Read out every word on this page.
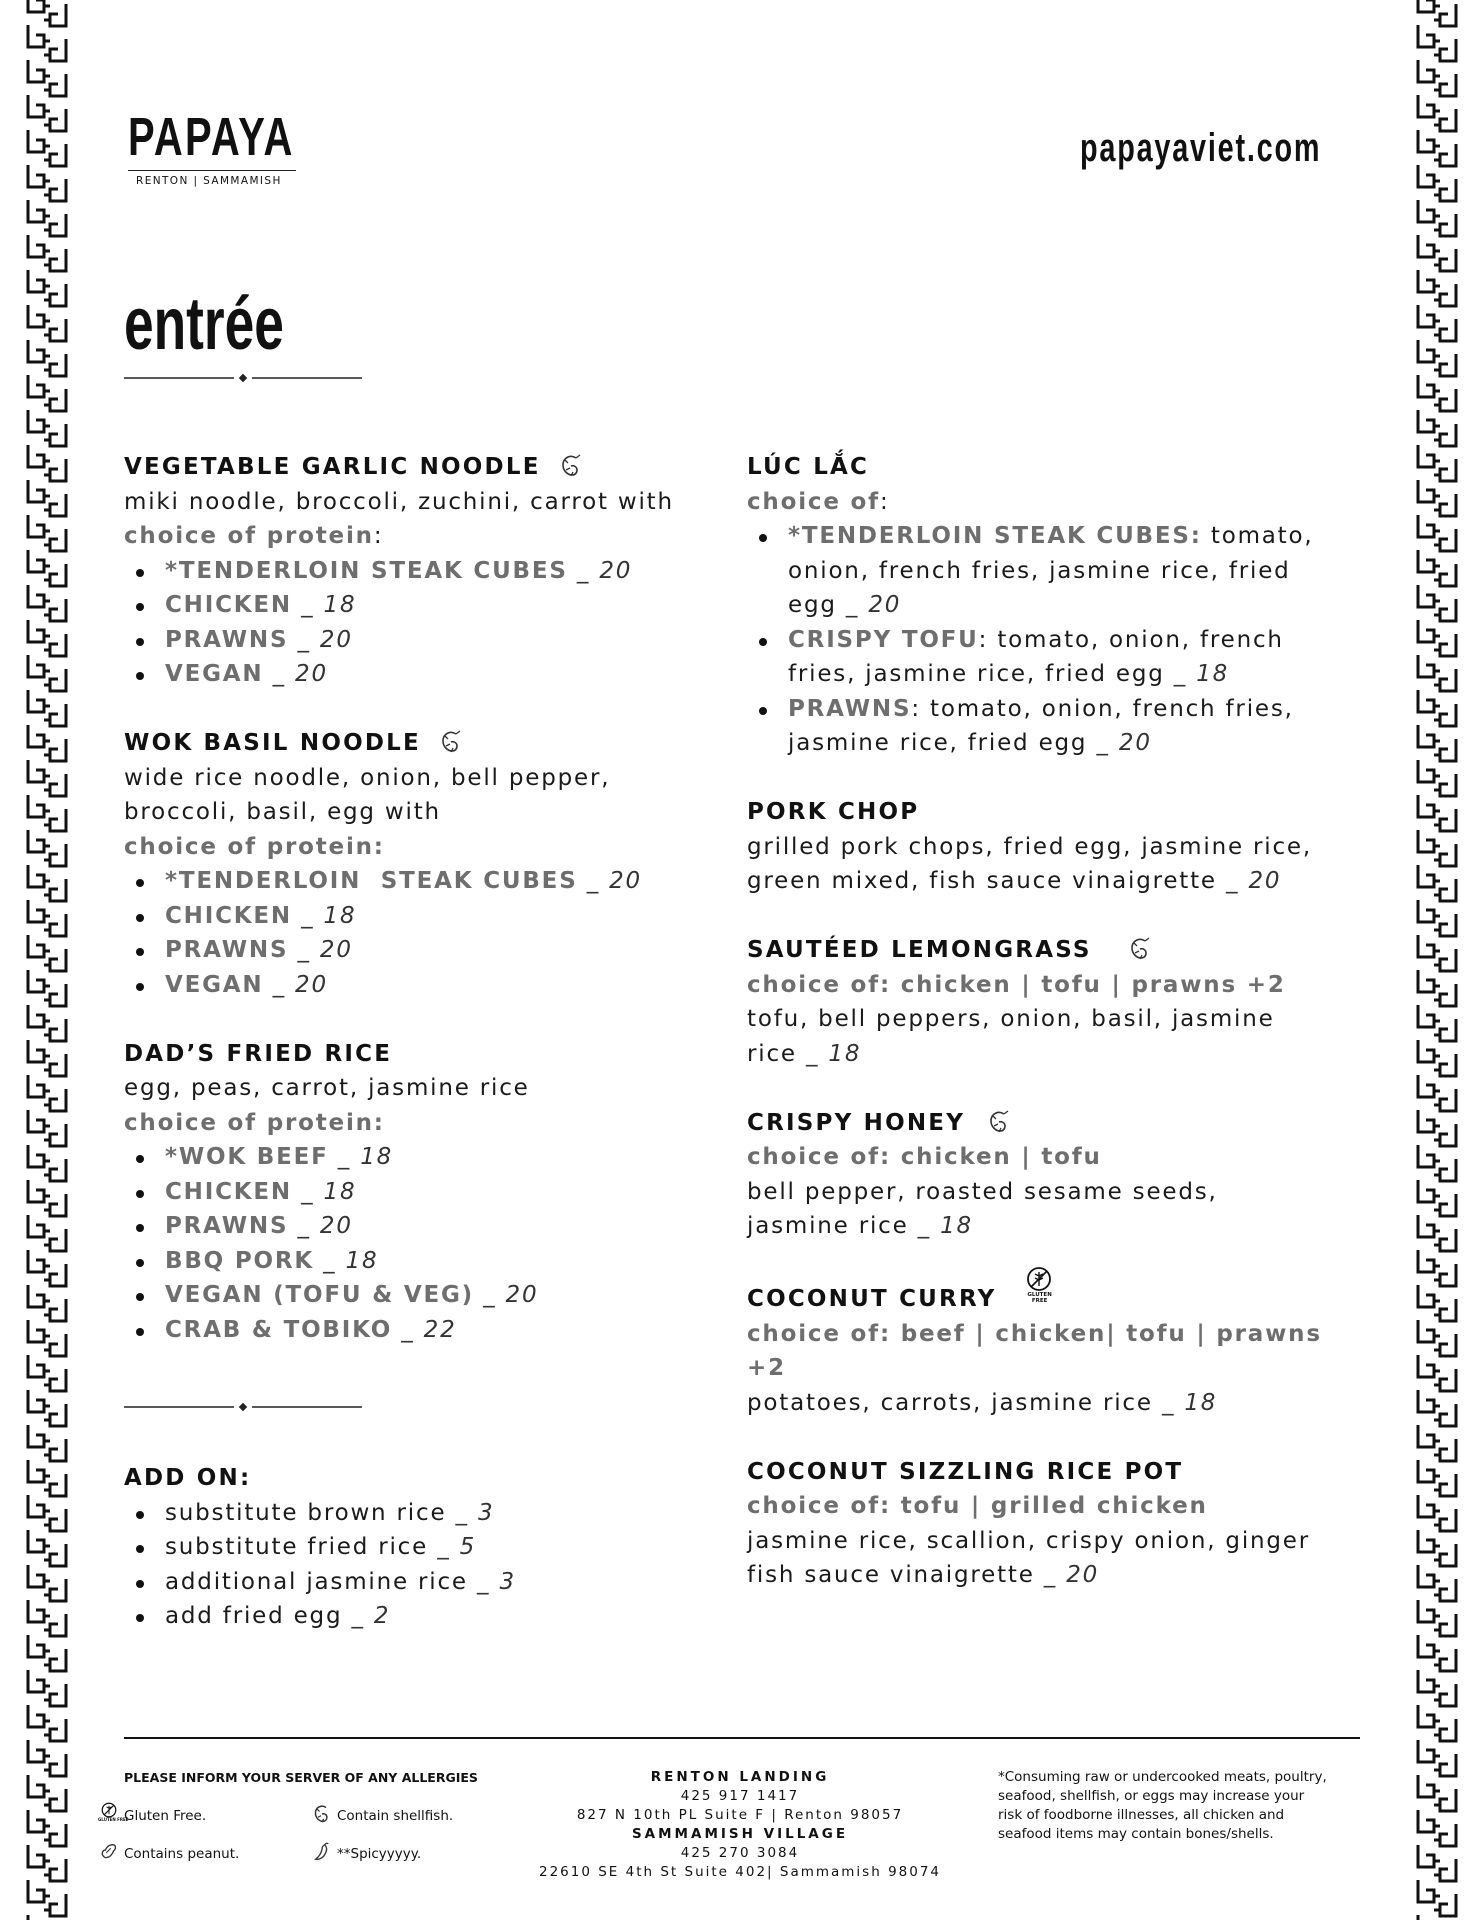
PAPAYA
RENTON | SAMMAMISH
papayaviet.com
entrée
VEGETABLE GARLIC NOODLE
miki noodle, broccoli, zuchini, carrot with
choice of protein:
*TENDERLOIN STEAK CUBES _ 20
CHICKEN _ 18
PRAWNS _ 20
VEGAN _ 20
WOK BASIL NOODLE
wide rice noodle, onion, bell pepper,
broccoli, basil, egg with
choice of protein:
*TENDERLOIN  STEAK CUBES _ 20
CHICKEN _ 18
PRAWNS _ 20
VEGAN _ 20
DAD’S FRIED RICE
egg, peas, carrot, jasmine rice
choice of protein:
*WOK BEEF _ 18
CHICKEN _ 18
PRAWNS _ 20
BBQ PORK _ 18
VEGAN (TOFU & VEG) _ 20
CRAB & TOBIKO _ 22
ADD ON:
substitute brown rice _ 3
substitute fried rice _ 5
additional jasmine rice _ 3
add fried egg _ 2
LÚC LẮC
choice of:
*TENDERLOIN STEAK CUBES: tomato,
onion, french fries, jasmine rice, fried
egg _ 20
CRISPY TOFU: tomato, onion, french
fries, jasmine rice, fried egg _ 18
PRAWNS: tomato, onion, french fries,
jasmine rice, fried egg _ 20
PORK CHOP
grilled pork chops, fried egg, jasmine rice,
green mixed, fish sauce vinaigrette _ 20
SAUTÉED LEMONGRASS
choice of: chicken | tofu | prawns +2
tofu, bell peppers, onion, basil, jasmine
rice _ 18
CRISPY HONEY
choice of: chicken | tofu
bell pepper, roasted sesame seeds,
jasmine rice _ 18
COCONUT CURRY	GLUTEN FREE
choice of: beef | chicken| tofu | prawns +2
potatoes, carrots, jasmine rice _ 18
COCONUT SIZZLING RICE POT
choice of: tofu | grilled chicken
jasmine rice, scallion, crispy onion, ginger
fish sauce vinaigrette _ 20
PLEASE INFORM YOUR SERVER OF ANY ALLERGIES
GLUTEN FREE
Gluten Free.	Contain shellfish.
Contains peanut.	**Spicyyyyy.
RENTON LANDING
425 917 1417
827 N 10th PL Suite F | Renton 98057
SAMMAMISH VILLAGE
425 270 3084
22610 SE 4th St Suite 402| Sammamish 98074
*Consuming raw or undercooked meats, poultry,
seafood, shellfish, or eggs may increase your
risk of foodborne illnesses, all chicken and
seafood items may contain bones/shells.
